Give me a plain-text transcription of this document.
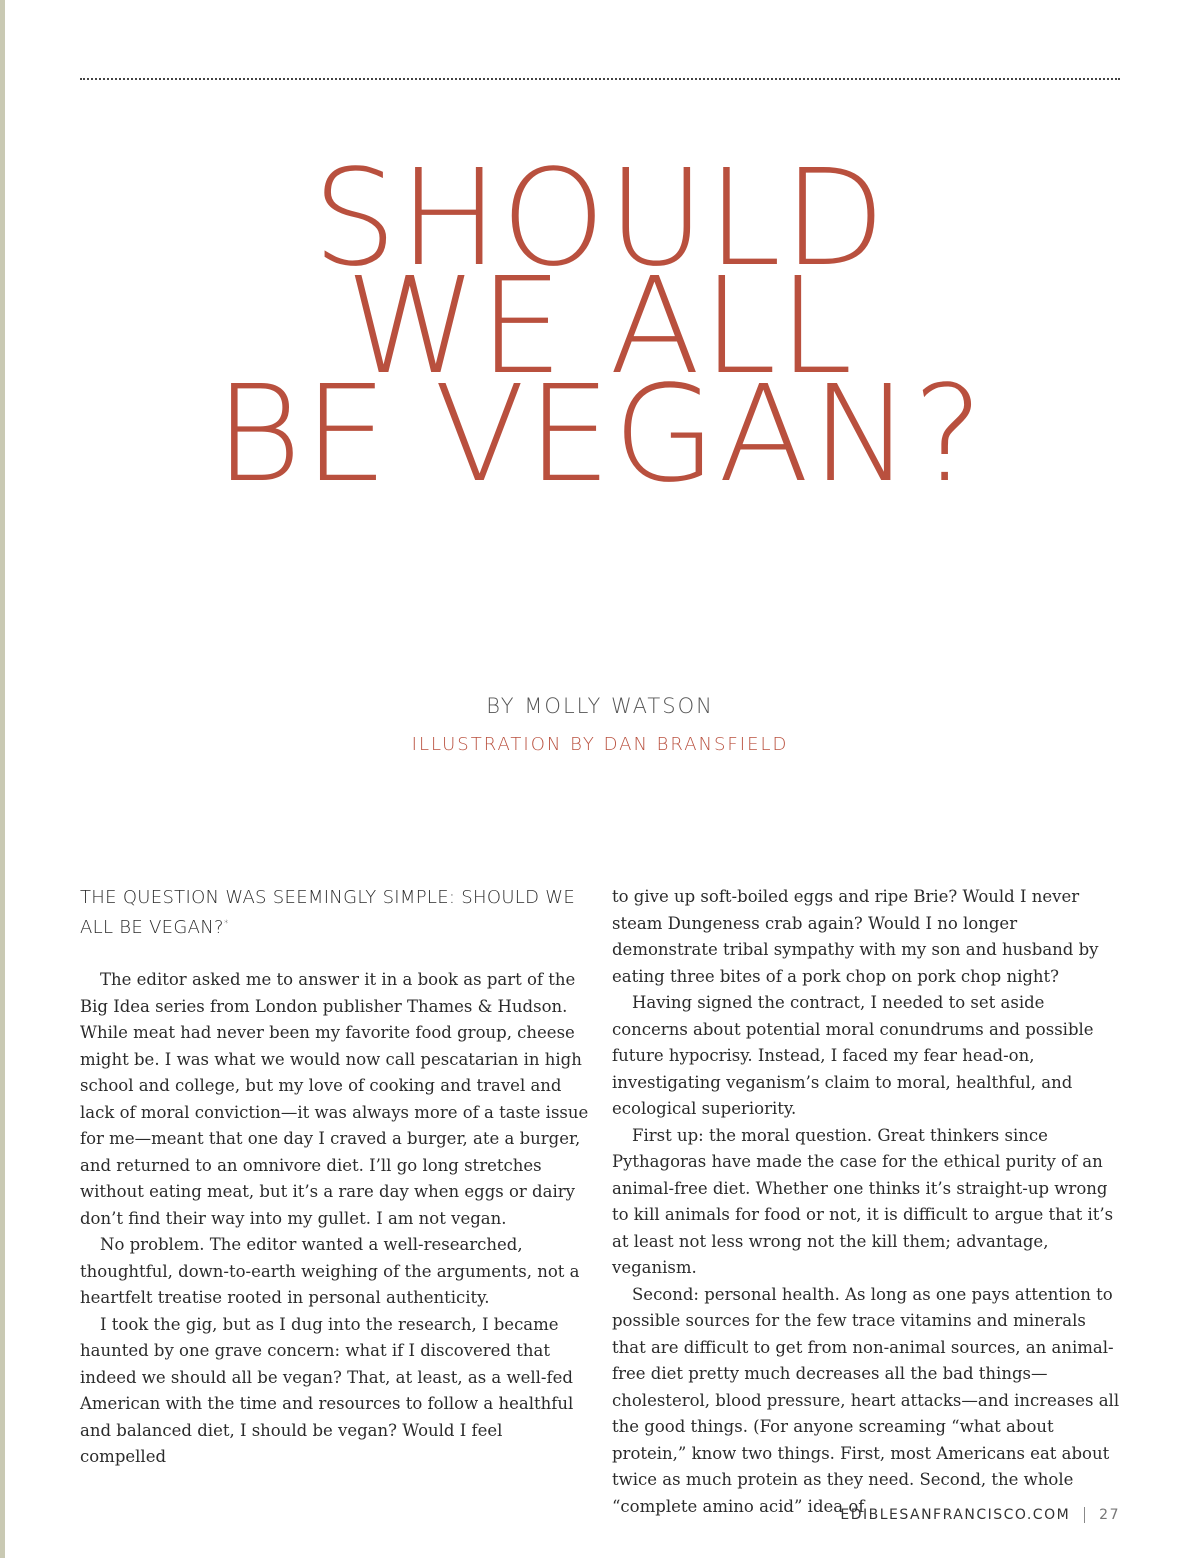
SHOULD
WE ALL
BE VEGAN?
BY MOLLY WATSON
ILLUSTRATION BY DAN BRANSFIELD
THE QUESTION WAS SEEMINGLY SIMPLE: SHOULD WE ALL BE VEGAN?*

The editor asked me to answer it in a book as part of the Big Idea series from London publisher Thames & Hudson. While meat had never been my favorite food group, cheese might be. I was what we would now call pescatarian in high school and college, but my love of cooking and travel and lack of moral conviction—it was always more of a taste issue for me—meant that one day I craved a burger, ate a burger, and returned to an omnivore diet. I’ll go long stretches without eating meat, but it’s a rare day when eggs or dairy don’t find their way into my gullet. I am not vegan.

No problem. The editor wanted a well-researched, thoughtful, down-to-earth weighing of the arguments, not a heartfelt treatise rooted in personal authenticity.

I took the gig, but as I dug into the research, I became haunted by one grave concern: what if I discovered that indeed we should all be vegan? That, at least, as a well-fed American with the time and resources to follow a healthful and balanced diet, I should be vegan? Would I feel compelled

to give up soft-boiled eggs and ripe Brie? Would I never steam Dungeness crab again? Would I no longer demonstrate tribal sympathy with my son and husband by eating three bites of a pork chop on pork chop night?

Having signed the contract, I needed to set aside concerns about potential moral conundrums and possible future hypocrisy. Instead, I faced my fear head-on, investigating veganism’s claim to moral, healthful, and ecological superiority.

First up: the moral question. Great thinkers since Pythagoras have made the case for the ethical purity of an animal-free diet. Whether one thinks it’s straight-up wrong to kill animals for food or not, it is difficult to argue that it’s at least not less wrong not the kill them; advantage, veganism.

Second: personal health. As long as one pays attention to possible sources for the few trace vitamins and minerals that are difficult to get from non-animal sources, an animal-free diet pretty much decreases all the bad things—cholesterol, blood pressure, heart attacks—and increases all the good things. (For anyone screaming “what about protein,” know two things. First, most Americans eat about twice as much protein as they need. Second, the whole “complete amino acid” idea of

EDIBLESANFRANCISCO.COM 27
